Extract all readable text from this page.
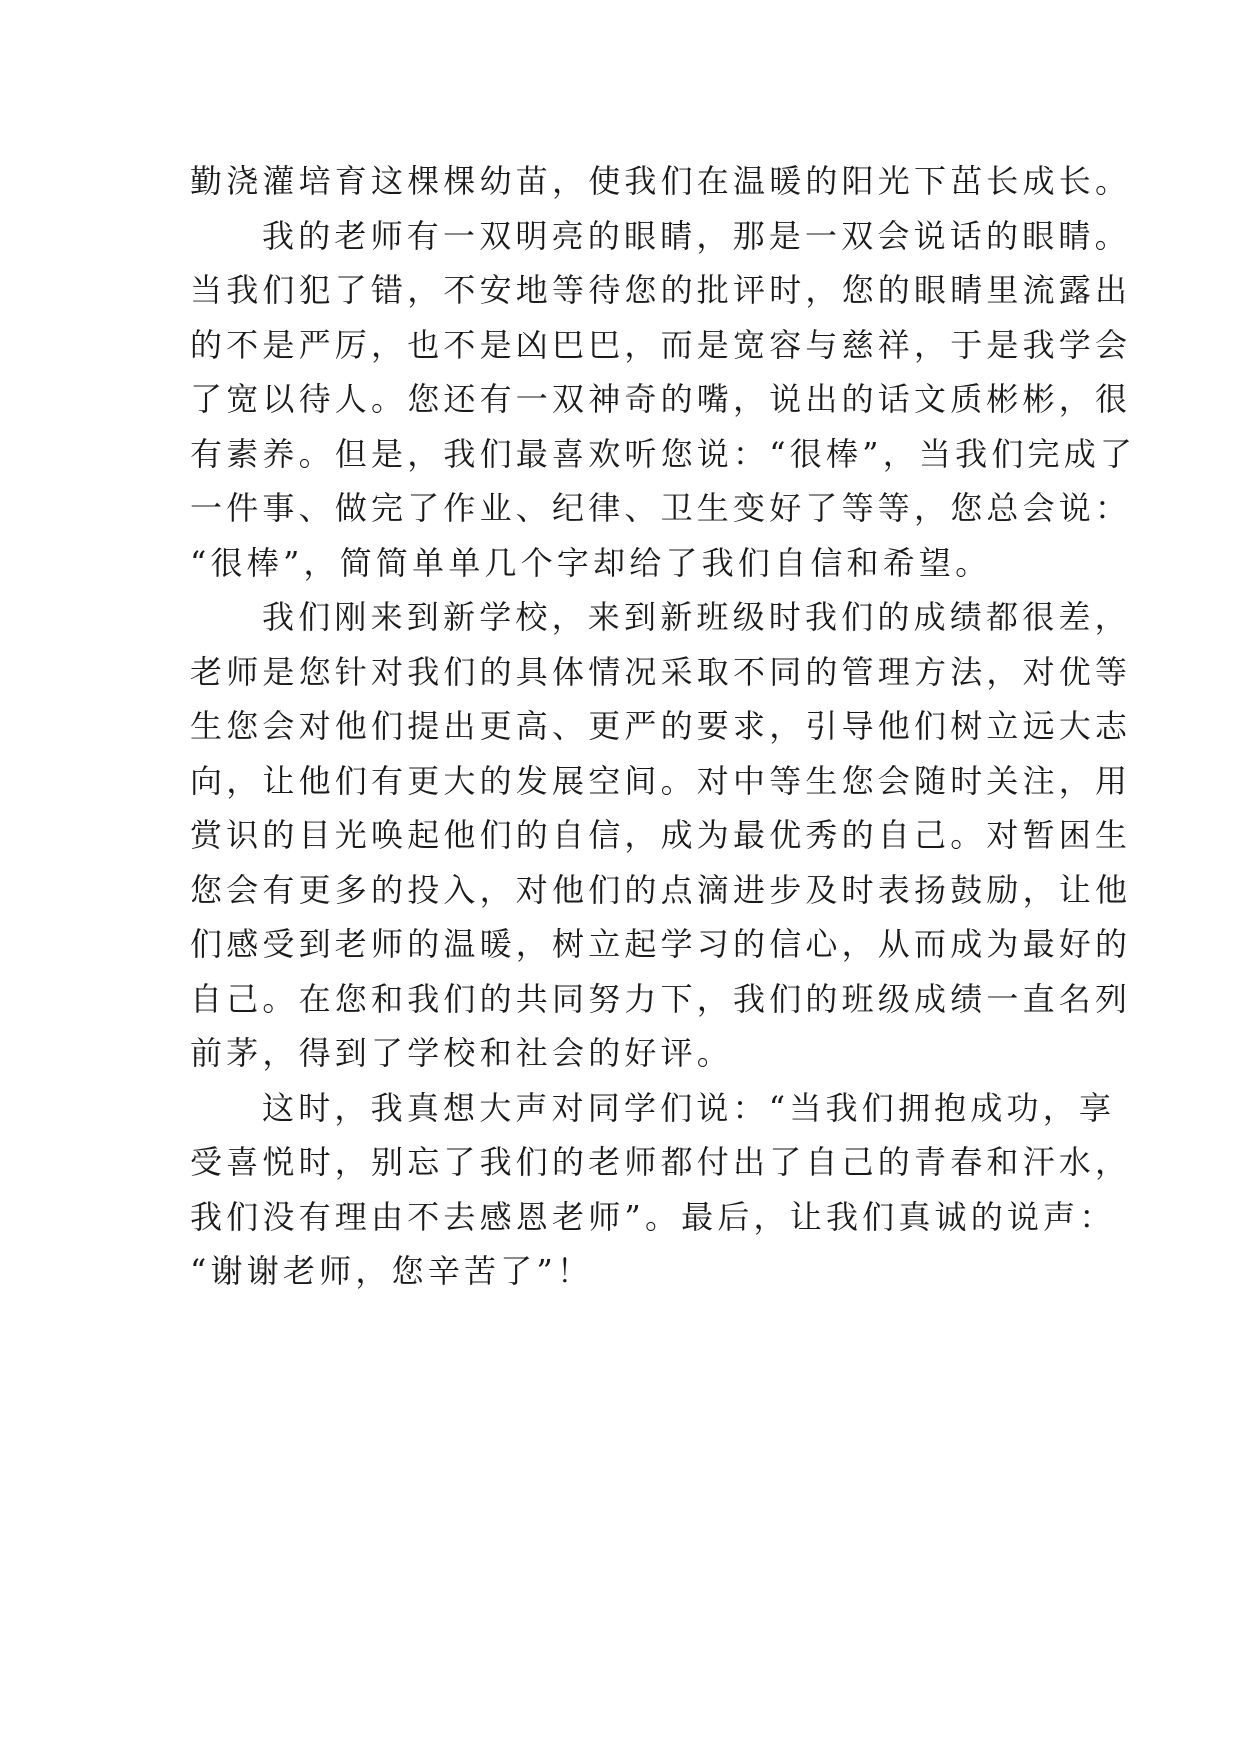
勤浇灌培育这棵棵幼苗，使我们在温暖的阳光下茁长成长。
我的老师有一双明亮的眼睛，那是一双会说话的眼睛。
当我们犯了错，不安地等待您的批评时，您的眼睛里流露出
的不是严厉，也不是凶巴巴，而是宽容与慈祥，于是我学会
了宽以待人。您还有一双神奇的嘴，说出的话文质彬彬，很
有素养。但是，我们最喜欢听您说：“很棒”，当我们完成了
一件事、做完了作业、纪律、卫生变好了等等，您总会说：
“很棒”，简简单单几个字却给了我们自信和希望。
我们刚来到新学校，来到新班级时我们的成绩都很差，
老师是您针对我们的具体情况采取不同的管理方法，对优等
生您会对他们提出更高、更严的要求，引导他们树立远大志
向，让他们有更大的发展空间。对中等生您会随时关注，用
赏识的目光唤起他们的自信，成为最优秀的自己。对暂困生
您会有更多的投入，对他们的点滴进步及时表扬鼓励，让他
们感受到老师的温暖，树立起学习的信心，从而成为最好的
自己。在您和我们的共同努力下，我们的班级成绩一直名列
前茅，得到了学校和社会的好评。
这时，我真想大声对同学们说：“当我们拥抱成功，享
受喜悦时，别忘了我们的老师都付出了自己的青春和汗水，
我们没有理由不去感恩老师”。最后，让我们真诚的说声：
“谢谢老师，您辛苦了”！
